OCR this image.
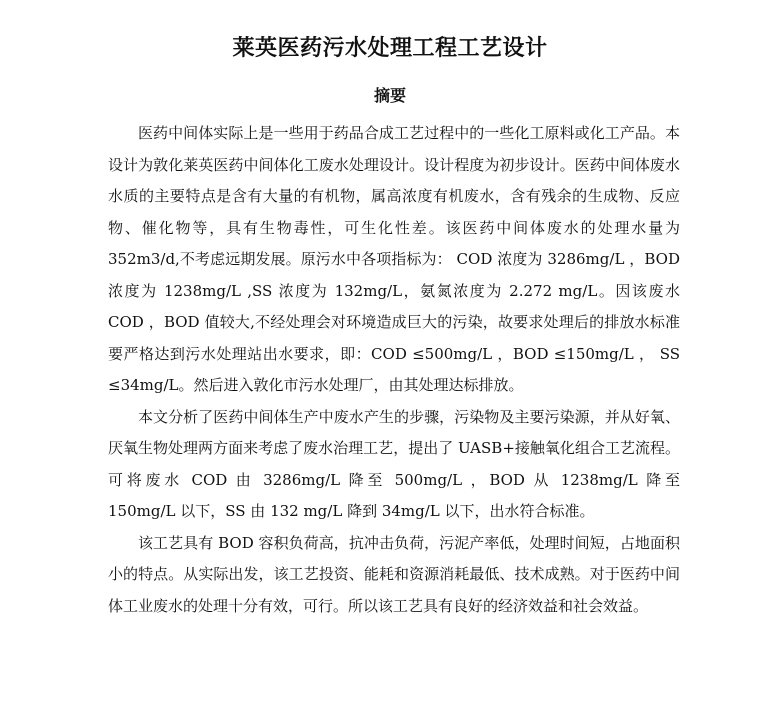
莱英医药污水处理工程工艺设计
摘要

医药中间体实际上是一些用于药品合成工艺过程中的一些化工原料或化工产品。本设计为敦化莱英医药中间体化工废水处理设计。设计程度为初步设计。医药中间体废水水质的主要特点是含有大量的有机物，属高浓度有机废水，含有残余的生成物、反应物、催化物等，具有生物毒性，可生化性差。该医药中间体废水的处理水量为 352m3/d,不考虑远期发展。原污水中各项指标为： COD 浓度为 3286mg/L ，BOD 浓度为 1238mg/L ,SS 浓度为 132mg/L，氨氮浓度为 2.272 mg/L。因该废水 COD ，BOD 值较大,不经处理会对环境造成巨大的污染，故要求处理后的排放水标准要严格达到污水处理站出水要求，即：COD ≤500mg/L ，BOD ≤150mg/L ， SS ≤34mg/L。然后进入敦化市污水处理厂，由其处理达标排放。

本文分析了医药中间体生产中废水产生的步骤，污染物及主要污染源，并从好氧、厌氧生物处理两方面来考虑了废水治理工艺，提出了 UASB+接触氧化组合工艺流程。可将废水 COD 由 3286mg/L 降至 500mg/L ，BOD 从 1238mg/L 降至 150mg/L 以下，SS 由 132 mg/L 降到 34mg/L 以下，出水符合标准。

该工艺具有 BOD 容积负荷高，抗冲击负荷，污泥产率低，处理时间短，占地面积小的特点。从实际出发，该工艺投资、能耗和资源消耗最低、技术成熟。对于医药中间体工业废水的处理十分有效，可行。所以该工艺具有良好的经济效益和社会效益。
